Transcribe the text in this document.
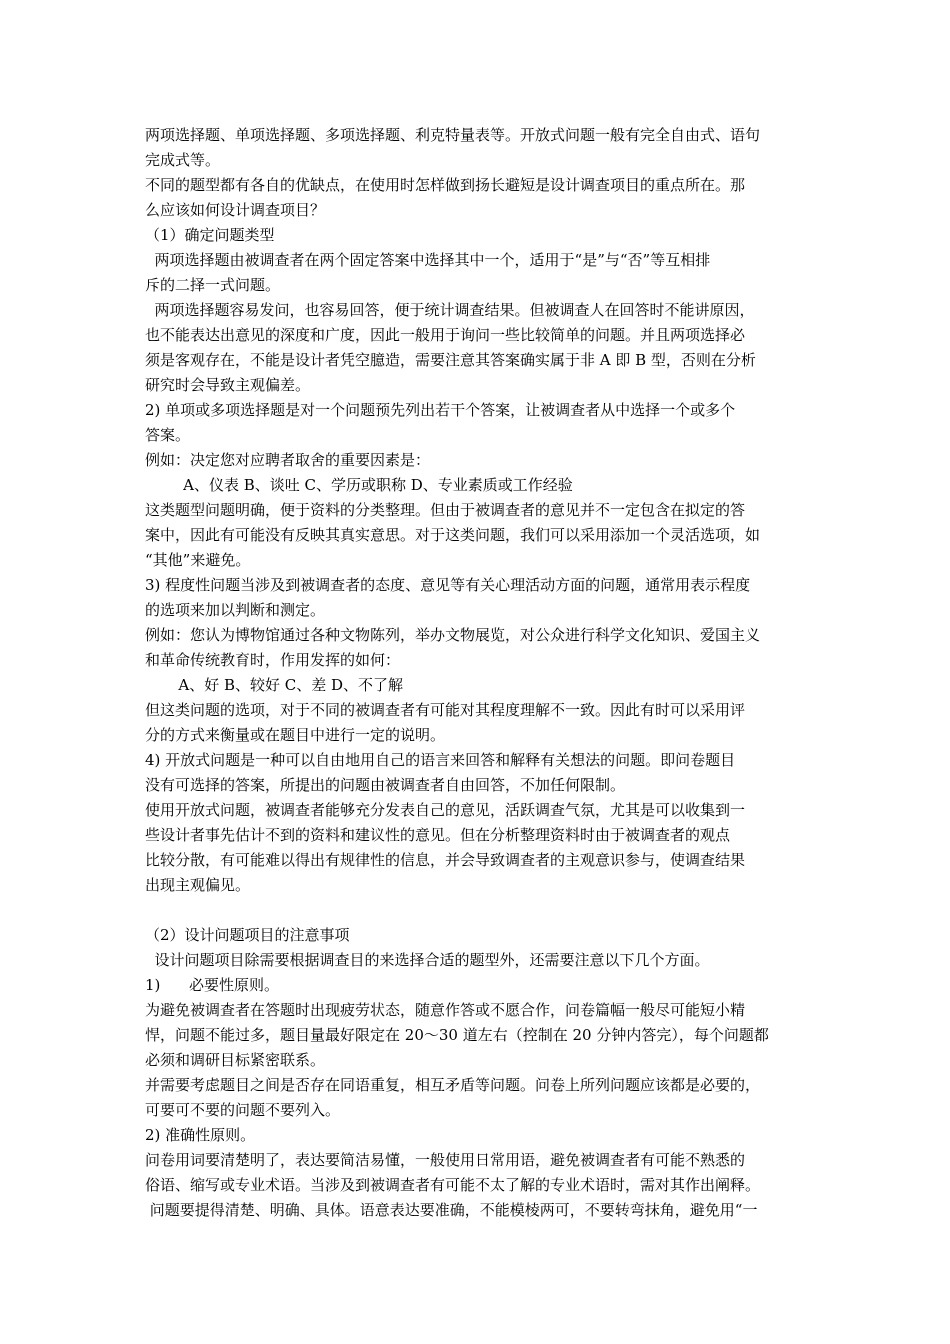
两项选择题、单项选择题、多项选择题、利克特量表等。开放式问题一般有完全自由式、语句
完成式等。
不同的题型都有各自的优缺点，在使用时怎样做到扬长避短是设计调查项目的重点所在。那
么应该如何设计调查项目？
（1）确定问题类型
两项选择题由被调查者在两个固定答案中选择其中一个，适用于“是”与“否”等互相排
斥的二择一式问题。
两项选择题容易发问，也容易回答，便于统计调查结果。但被调查人在回答时不能讲原因，
也不能表达出意见的深度和广度，因此一般用于询问一些比较简单的问题。并且两项选择必
须是客观存在，不能是设计者凭空臆造，需要注意其答案确实属于非 A 即 B 型，否则在分析
研究时会导致主观偏差。
2) 单项或多项选择题是对一个问题预先列出若干个答案，让被调查者从中选择一个或多个
答案。
例如：决定您对应聘者取舍的重要因素是：
A、仪表 B、谈吐 C、学历或职称 D、专业素质或工作经验
这类题型问题明确，便于资料的分类整理。但由于被调查者的意见并不一定包含在拟定的答
案中，因此有可能没有反映其真实意思。对于这类问题，我们可以采用添加一个灵活选项，如
“其他”来避免。
3) 程度性问题当涉及到被调查者的态度、意见等有关心理活动方面的问题，通常用表示程度
的选项来加以判断和测定。
例如：您认为博物馆通过各种文物陈列，举办文物展览，对公众进行科学文化知识、爱国主义
和革命传统教育时，作用发挥的如何：
A、好 B、较好 C、差 D、不了解
但这类问题的选项，对于不同的被调查者有可能对其程度理解不一致。因此有时可以采用评
分的方式来衡量或在题目中进行一定的说明。
4) 开放式问题是一种可以自由地用自己的语言来回答和解释有关想法的问题。即问卷题目
没有可选择的答案，所提出的问题由被调查者自由回答，不加任何限制。
使用开放式问题，被调查者能够充分发表自己的意见，活跃调查气氛，尤其是可以收集到一
些设计者事先估计不到的资料和建议性的意见。但在分析整理资料时由于被调查者的观点
比较分散，有可能难以得出有规律性的信息，并会导致调查者的主观意识参与，使调查结果
出现主观偏见。
（2）设计问题项目的注意事项
设计问题项目除需要根据调查目的来选择合适的题型外，还需要注意以下几个方面。
1)      必要性原则。
为避免被调查者在答题时出现疲劳状态，随意作答或不愿合作，问卷篇幅一般尽可能短小精
悍，问题不能过多，题目量最好限定在 20～30 道左右（控制在 20 分钟内答完），每个问题都
必须和调研目标紧密联系。
并需要考虑题目之间是否存在同语重复，相互矛盾等问题。问卷上所列问题应该都是必要的，
可要可不要的问题不要列入。
2) 准确性原则。
问卷用词要清楚明了，表达要简洁易懂，一般使用日常用语，避免被调查者有可能不熟悉的
俗语、缩写或专业术语。当涉及到被调查者有可能不太了解的专业术语时，需对其作出阐释。
问题要提得清楚、明确、具体。语意表达要准确，不能模棱两可，不要转弯抹角，避免用“一
